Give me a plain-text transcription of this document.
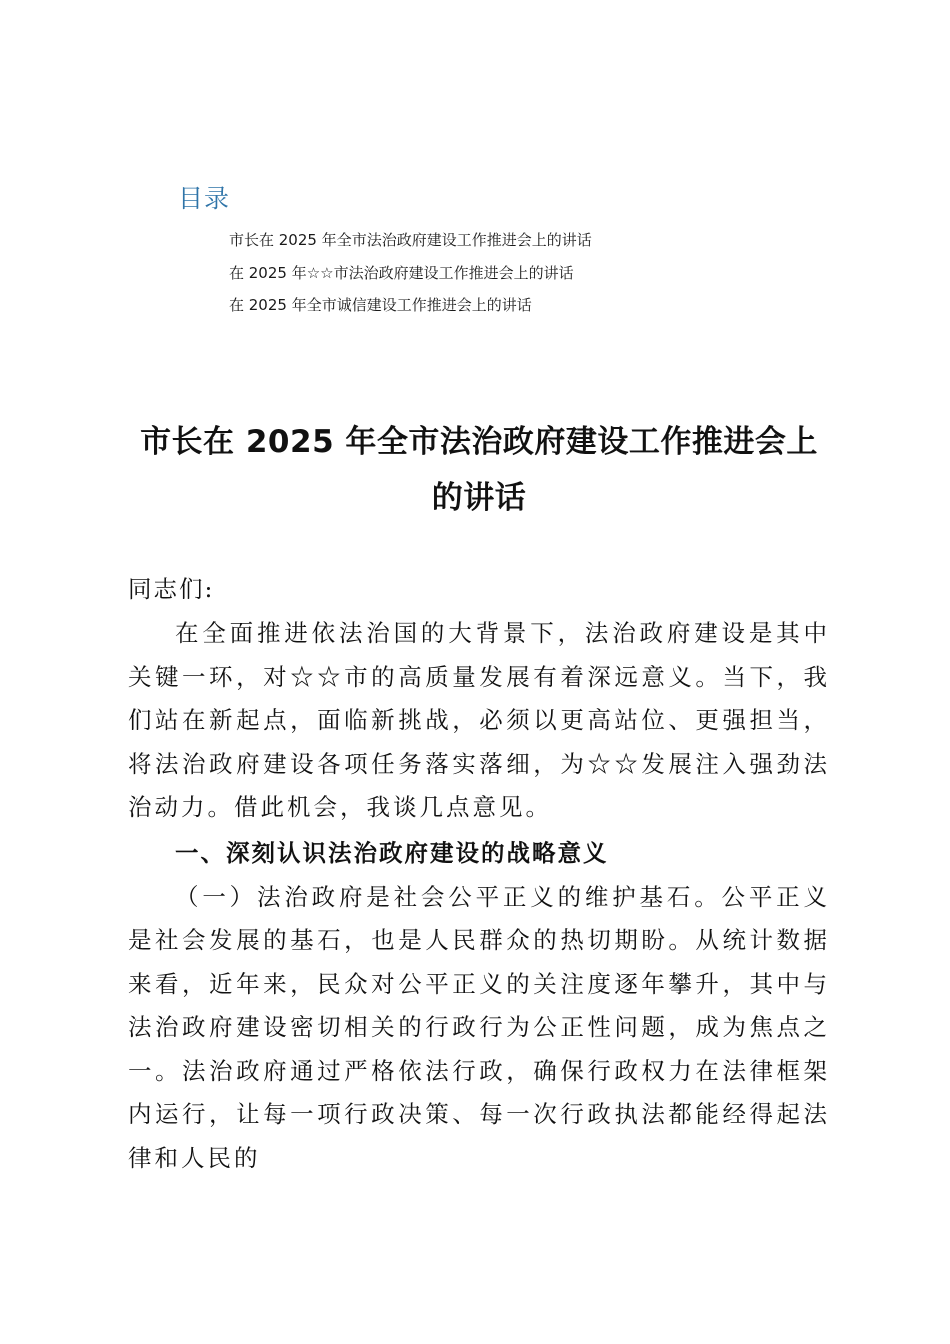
目录
市长在 2025 年全市法治政府建设工作推进会上的讲话
在 2025 年☆☆市法治政府建设工作推进会上的讲话
在 2025 年全市诚信建设工作推进会上的讲话
市长在 2025 年全市法治政府建设工作推进会上的讲话

同志们:

在全面推进依法治国的大背景下，法治政府建设是其中关键一环，对☆☆市的高质量发展有着深远意义。当下，我们站在新起点，面临新挑战，必须以更高站位、更强担当，将法治政府建设各项任务落实落细，为☆☆发展注入强劲法治动力。借此机会，我谈几点意见。

一、深刻认识法治政府建设的战略意义

（一）法治政府是社会公平正义的维护基石。公平正义是社会发展的基石，也是人民群众的热切期盼。从统计数据来看，近年来，民众对公平正义的关注度逐年攀升，其中与法治政府建设密切相关的行政行为公正性问题，成为焦点之一。法治政府通过严格依法行政，确保行政权力在法律框架内运行，让每一项行政决策、每一次行政执法都能经得起法律和人民的
